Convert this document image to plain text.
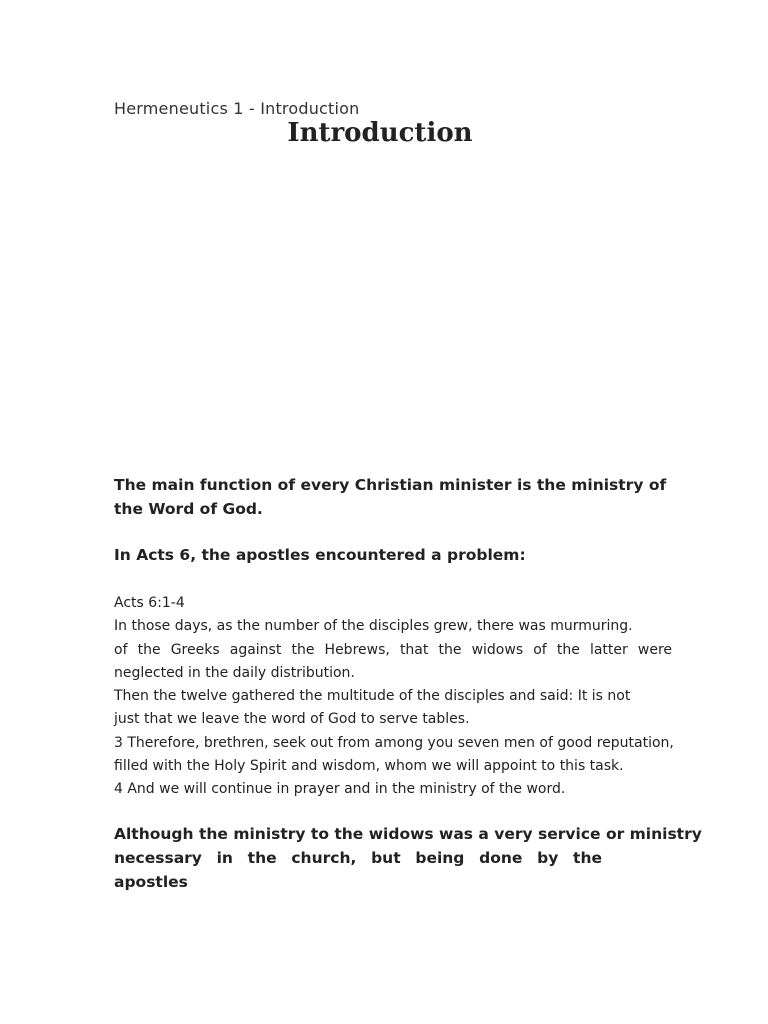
Hermeneutics 1 - Introduction
Introduction

The main function of every Christian minister is the ministry of the Word of God.

In Acts 6, the apostles encountered a problem:

Acts 6:1-4
In those days, as the number of the disciples grew, there was murmuring.
of the Greeks against the Hebrews, that the widows of the latter were
neglected in the daily distribution.
Then the twelve gathered the multitude of the disciples and said: It is not
just that we leave the word of God to serve tables.
3 Therefore, brethren, seek out from among you seven men of good reputation,
filled with the Holy Spirit and wisdom, whom we will appoint to this task.
4 And we will continue in prayer and in the ministry of the word.
Although the ministry to the widows was a very service or ministry
necessary in the church, but being done by the apostles
